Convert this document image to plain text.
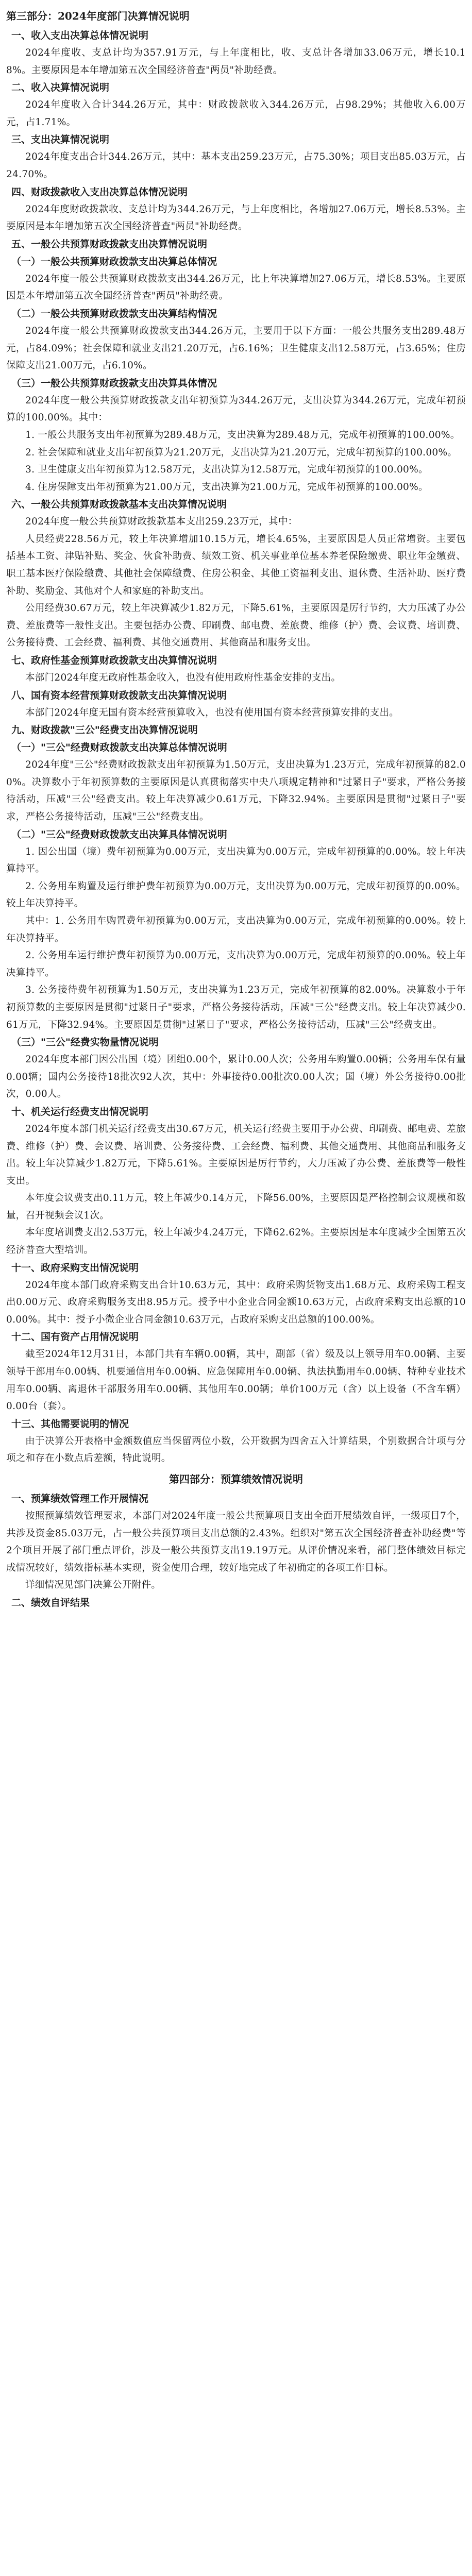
第三部分：2024年度部门决算情况说明
一、收入支出决算总体情况说明
2024年度收、支总计均为357.91万元，与上年度相比，收、支总计各增加33.06万元，增长10.18%。主要原因是本年增加第五次全国经济普查"两员"补助经费。
二、收入决算情况说明
2024年度收入合计344.26万元，其中：财政拨款收入344.26万元，占98.29%；其他收入6.00万元，占1.71%。
三、支出决算情况说明
2024年度支出合计344.26万元，其中：基本支出259.23万元，占75.30%；项目支出85.03万元，占24.70%。
四、财政拨款收入支出决算总体情况说明
2024年度财政拨款收、支总计均为344.26万元，与上年度相比，各增加27.06万元，增长8.53%。主要原因是本年增加第五次全国经济普查"两员"补助经费。
五、一般公共预算财政拨款支出决算情况说明
（一）一般公共预算财政拨款支出决算总体情况
2024年度一般公共预算财政拨款支出344.26万元，比上年决算增加27.06万元，增长8.53%。主要原因是本年增加第五次全国经济普查"两员"补助经费。
（二）一般公共预算财政拨款支出决算结构情况
2024年度一般公共预算财政拨款支出344.26万元，主要用于以下方面：一般公共服务支出289.48万元，占84.09%；社会保障和就业支出21.20万元，占6.16%；卫生健康支出12.58万元，占3.65%；住房保障支出21.00万元，占6.10%。
（三）一般公共预算财政拨款支出决算具体情况
2024年度一般公共预算财政拨款支出年初预算为344.26万元，支出决算为344.26万元，完成年初预算的100.00%。其中：
1. 一般公共服务支出年初预算为289.48万元，支出决算为289.48万元，完成年初预算的100.00%。
2. 社会保障和就业支出年初预算为21.20万元，支出决算为21.20万元，完成年初预算的100.00%。
3. 卫生健康支出年初预算为12.58万元，支出决算为12.58万元，完成年初预算的100.00%。
4. 住房保障支出年初预算为21.00万元，支出决算为21.00万元，完成年初预算的100.00%。
六、一般公共预算财政拨款基本支出决算情况说明
2024年度一般公共预算财政拨款基本支出259.23万元，其中：
人员经费228.56万元，较上年决算增加10.15万元，增长4.65%，主要原因是人员正常增资。主要包括基本工资、津贴补贴、奖金、伙食补助费、绩效工资、机关事业单位基本养老保险缴费、职业年金缴费、职工基本医疗保险缴费、其他社会保障缴费、住房公积金、其他工资福利支出、退休费、生活补助、医疗费补助、奖励金、其他对个人和家庭的补助支出。
公用经费30.67万元，较上年决算减少1.82万元，下降5.61%，主要原因是厉行节约，大力压减了办公费、差旅费等一般性支出。主要包括办公费、印刷费、邮电费、差旅费、维修（护）费、会议费、培训费、公务接待费、工会经费、福利费、其他交通费用、其他商品和服务支出。
七、政府性基金预算财政拨款支出决算情况说明
本部门2024年度无政府性基金收入，也没有使用政府性基金安排的支出。
八、国有资本经营预算财政拨款支出决算情况说明
本部门2024年度无国有资本经营预算收入，也没有使用国有资本经营预算安排的支出。
九、财政拨款"三公"经费支出决算情况说明
（一）"三公"经费财政拨款支出决算总体情况说明
2024年度"三公"经费财政拨款支出年初预算为1.50万元，支出决算为1.23万元，完成年初预算的82.00%。决算数小于年初预算数的主要原因是认真贯彻落实中央八项规定精神和"过紧日子"要求，严格公务接待活动，压减"三公"经费支出。较上年决算减少0.61万元，下降32.94%。主要原因是贯彻"过紧日子"要求，严格公务接待活动，压减"三公"经费支出。
（二）"三公"经费财政拨款支出决算具体情况说明
1. 因公出国（境）费年初预算为0.00万元，支出决算为0.00万元，完成年初预算的0.00%。较上年决算持平。
2. 公务用车购置及运行维护费年初预算为0.00万元，支出决算为0.00万元，完成年初预算的0.00%。较上年决算持平。
其中：1. 公务用车购置费年初预算为0.00万元，支出决算为0.00万元，完成年初预算的0.00%。较上年决算持平。
2. 公务用车运行维护费年初预算为0.00万元，支出决算为0.00万元，完成年初预算的0.00%。较上年决算持平。
3. 公务接待费年初预算为1.50万元，支出决算为1.23万元，完成年初预算的82.00%。决算数小于年初预算数的主要原因是贯彻"过紧日子"要求，严格公务接待活动，压减"三公"经费支出。较上年决算减少0.61万元，下降32.94%。主要原因是贯彻"过紧日子"要求，严格公务接待活动，压减"三公"经费支出。
（三）"三公"经费实物量情况说明
2024年度本部门因公出国（境）团组0.00个，累计0.00人次；公务用车购置0.00辆；公务用车保有量0.00辆；国内公务接待18批次92人次，其中：外事接待0.00批次0.00人次；国（境）外公务接待0.00批次，0.00人。
十、机关运行经费支出情况说明
2024年度本部门机关运行经费支出30.67万元，机关运行经费主要用于办公费、印刷费、邮电费、差旅费、维修（护）费、会议费、培训费、公务接待费、工会经费、福利费、其他交通费用、其他商品和服务支出。较上年决算减少1.82万元，下降5.61%。主要原因是厉行节约，大力压减了办公费、差旅费等一般性支出。
本年度会议费支出0.11万元，较上年减少0.14万元，下降56.00%，主要原因是严格控制会议规模和数量，召开视频会议1次。
本年度培训费支出2.53万元，较上年减少4.24万元，下降62.62%。主要原因是本年度减少全国第五次经济普查大型培训。
十一、政府采购支出情况说明
2024年度本部门政府采购支出合计10.63万元，其中：政府采购货物支出1.68万元、政府采购工程支出0.00万元、政府采购服务支出8.95万元。授予中小企业合同金额10.63万元，占政府采购支出总额的100.00%。其中：授予小微企业合同金额10.63万元，占政府采购支出总额的100.00%。
十二、国有资产占用情况说明
截至2024年12月31日，本部门共有车辆0.00辆，其中，副部（省）级及以上领导用车0.00辆、主要领导干部用车0.00辆、机要通信用车0.00辆、应急保障用车0.00辆、执法执勤用车0.00辆、特种专业技术用车0.00辆、离退休干部服务用车0.00辆、其他用车0.00辆；单价100万元（含）以上设备（不含车辆）0.00台（套）。
十三、其他需要说明的情况
由于决算公开表格中金额数值应当保留两位小数，公开数据为四舍五入计算结果，个别数据合计项与分项之和存在小数点后差额，特此说明。
第四部分：预算绩效情况说明
一、预算绩效管理工作开展情况
按照预算绩效管理要求，本部门对2024年度一般公共预算项目支出全面开展绩效自评，一级项目7个，共涉及资金85.03万元，占一般公共预算项目支出总额的2.43%。组织对"第五次全国经济普查补助经费"等2个项目开展了部门重点评价，涉及一般公共预算支出19.19万元。从评价情况来看，部门整体绩效目标完成情况较好，绩效指标基本实现，资金使用合理，较好地完成了年初确定的各项工作目标。
详细情况见部门决算公开附件。
二、绩效自评结果
